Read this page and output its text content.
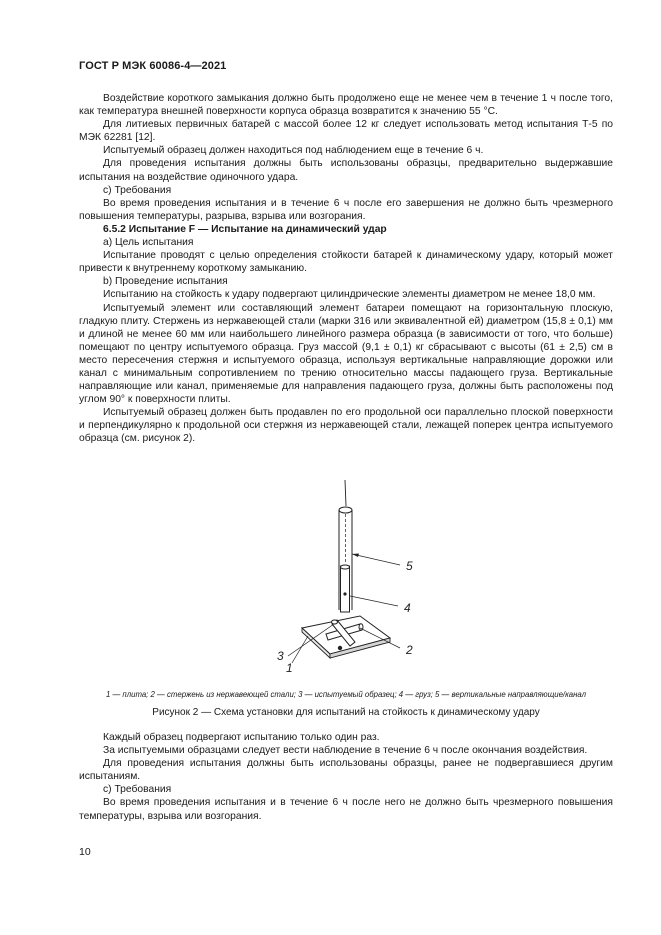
ГОСТ Р МЭК 60086-4—2021

Воздействие короткого замыкания должно быть продолжено еще не менее чем в течение 1 ч после того, как температура внешней поверхности корпуса образца возвратится к значению 55 °С.

Для литиевых первичных батарей с массой более 12 кг следует использовать метод испытания Т-5 по МЭК 62281 [12].

Испытуемый образец должен находиться под наблюдением еще в течение 6 ч.

Для проведения испытания должны быть использованы образцы, предварительно выдержавшие испытания на воздействие одиночного удара.

с) Требования

Во время проведения испытания и в течение 6 ч после его завершения не должно быть чрезмерного повышения температуры, разрыва, взрыва или возгорания.

6.5.2 Испытание F — Испытание на динамический удар

а) Цель испытания

Испытание проводят с целью определения стойкости батарей к динамическому удару, который может привести к внутреннему короткому замыканию.

b) Проведение испытания

Испытанию на стойкость к удару подвергают цилиндрические элементы диаметром не менее 18,0 мм.

Испытуемый элемент или составляющий элемент батареи помещают на горизонтальную плоскую, гладкую плиту. Стержень из нержавеющей стали (марки 316 или эквивалентной ей) диаметром (15,8 ± 0,1) мм и длиной не менее 60 мм или наибольшего линейного размера образца (в зависимости от того, что больше) помещают по центру испытуемого образца. Груз массой (9,1 ± 0,1) кг сбрасывают с высоты (61 ± 2,5) см в место пересечения стержня и испытуемого образца, используя вертикальные направляющие дорожки или канал с минимальным сопротивлением по трению относительно массы падающего груза. Вертикальные направляющие или канал, применяемые для направления падающего груза, должны быть расположены под углом 90° к поверхности плиты.

Испытуемый образец должен быть продавлен по его продольной оси параллельно плоской поверхности и перпендикулярно к продольной оси стержня из нержавеющей стали, лежащей поперек центра испытуемого образца (см. рисунок 2).

5
4
2
3
1
1 — плита; 2 — стержень из нержавеющей стали; 3 — испытуемый образец; 4 — груз; 5 — вертикальные направляющие/канал
Рисунок 2 — Схема установки для испытаний на стойкость к динамическому удару

Каждый образец подвергают испытанию только один раз.

За испытуемыми образцами следует вести наблюдение в течение 6 ч после окончания воздействия.

Для проведения испытания должны быть использованы образцы, ранее не подвергавшиеся другим испытаниям.

с) Требования

Во время проведения испытания и в течение 6 ч после него не должно быть чрезмерного повышения температуры, взрыва или возгорания.

10
